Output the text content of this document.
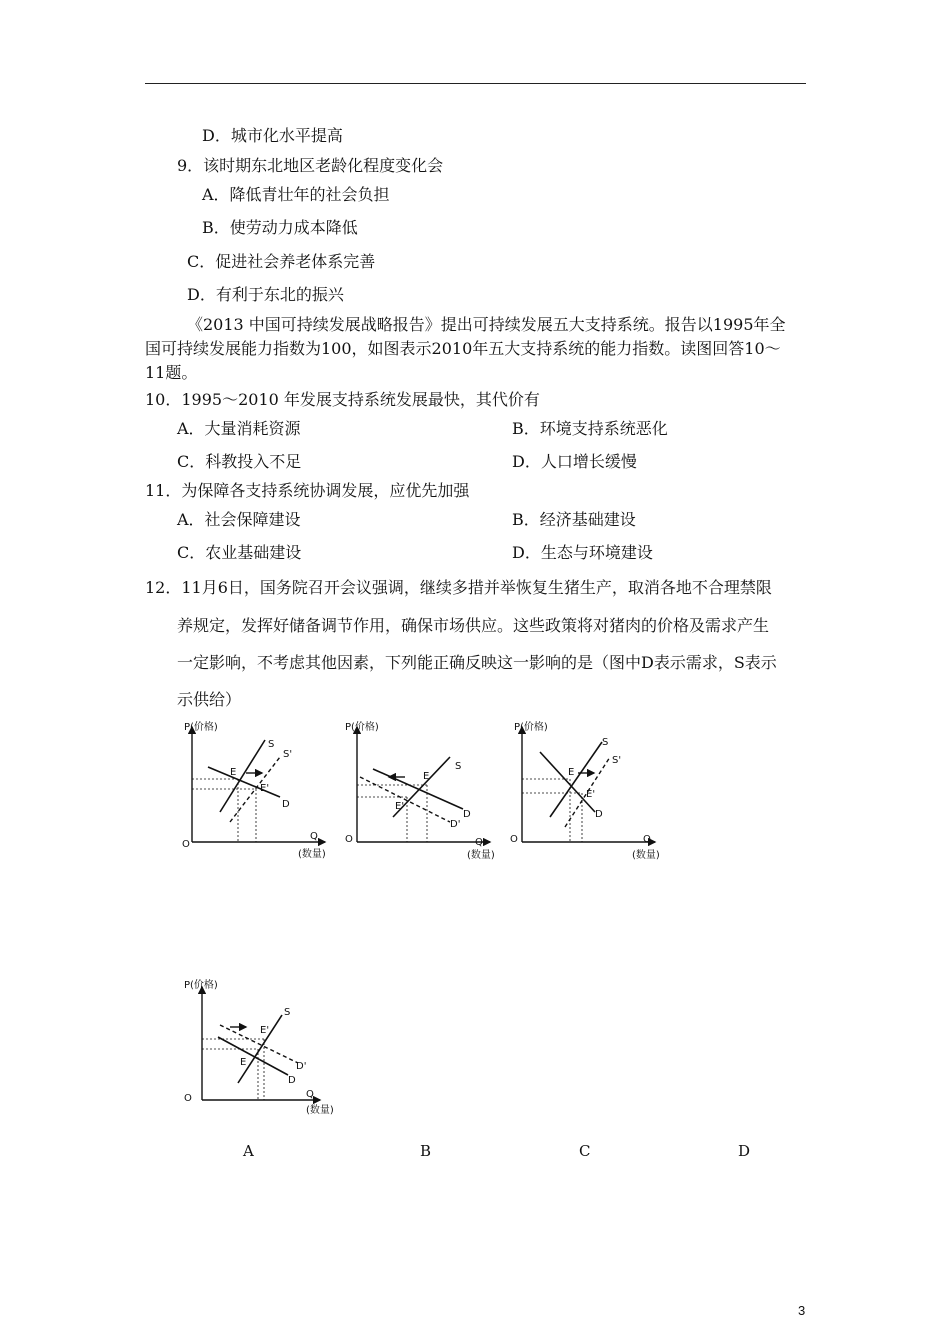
D．城市化水平提高
9．该时期东北地区老龄化程度变化会
A．降低青壮年的社会负担
B．使劳动力成本降低
C．促进社会养老体系完善
D．有利于东北的振兴
《2013 中国可持续发展战略报告》提出可持续发展五大支持系统。报告以1995年全
国可持续发展能力指数为100，如图表示2010年五大支持系统的能力指数。读图回答10～
11题。
10．1995～2010 年发展支持系统发展最快，其代价有
A．大量消耗资源	B．环境支持系统恶化
C．科教投入不足	D．人口增长缓慢
11．为保障各支持系统协调发展，应优先加强
A．社会保障建设	B．经济基础建设
C．农业基础建设	D．生态与环境建设
12．11月6日，国务院召开会议强调，继续多措并举恢复生猪生产，取消各地不合理禁限
养规定，发挥好储备调节作用，确保市场供应。这些政策将对猪肉的价格及需求产生
一定影响，不考虑其他因素，下列能正确反映这一影响的是（图中D表示需求，S表示
示供给）
P(价格)
O
Q
(数量)
S
S'
D
E
E'
P(价格)
O	Q
(数量)
S
D
D'
E
E'
P(价格)
O	Q
(数量)
S
S'
D
E
E'
P(价格)
O	Q
(数量)
S
D'
D
E'
E
A	B	C	D
3
